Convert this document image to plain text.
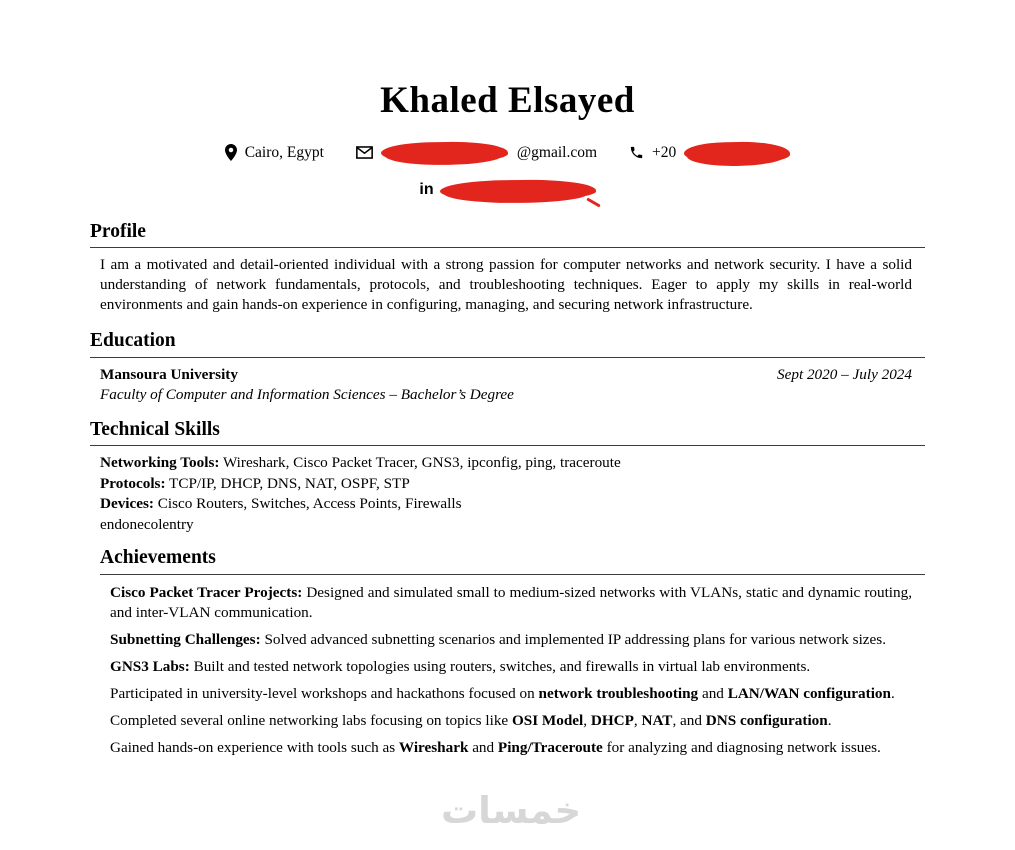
Khaled Elsayed
Cairo, Egypt	@gmail.com	+20
in
Profile

I am a motivated and detail-oriented individual with a strong passion for computer networks and network security. I have a solid understanding of network fundamentals, protocols, and troubleshooting techniques. Eager to apply my skills in real-world environments and gain hands-on experience in configuring, managing, and securing network infrastructure.

Education
Mansoura University	Sept 2020 – July 2024
Faculty of Computer and Information Sciences – Bachelor’s Degree
Technical Skills
Networking Tools: Wireshark, Cisco Packet Tracer, GNS3, ipconfig, ping, traceroute
Protocols: TCP/IP, DHCP, DNS, NAT, OSPF, STP
Devices: Cisco Routers, Switches, Access Points, Firewalls
endonecolentry
Achievements

Cisco Packet Tracer Projects: Designed and simulated small to medium-sized networks with VLANs, static and dynamic routing, and inter-VLAN communication.

Subnetting Challenges: Solved advanced subnetting scenarios and implemented IP addressing plans for various network sizes.

GNS3 Labs: Built and tested network topologies using routers, switches, and firewalls in virtual lab environments.

Participated in university-level workshops and hackathons focused on network troubleshooting and LAN/WAN configuration.

Completed several online networking labs focusing on topics like OSI Model, DHCP, NAT, and DNS configuration.

Gained hands-on experience with tools such as Wireshark and Ping/Traceroute for analyzing and diagnosing network issues.

خمسات
